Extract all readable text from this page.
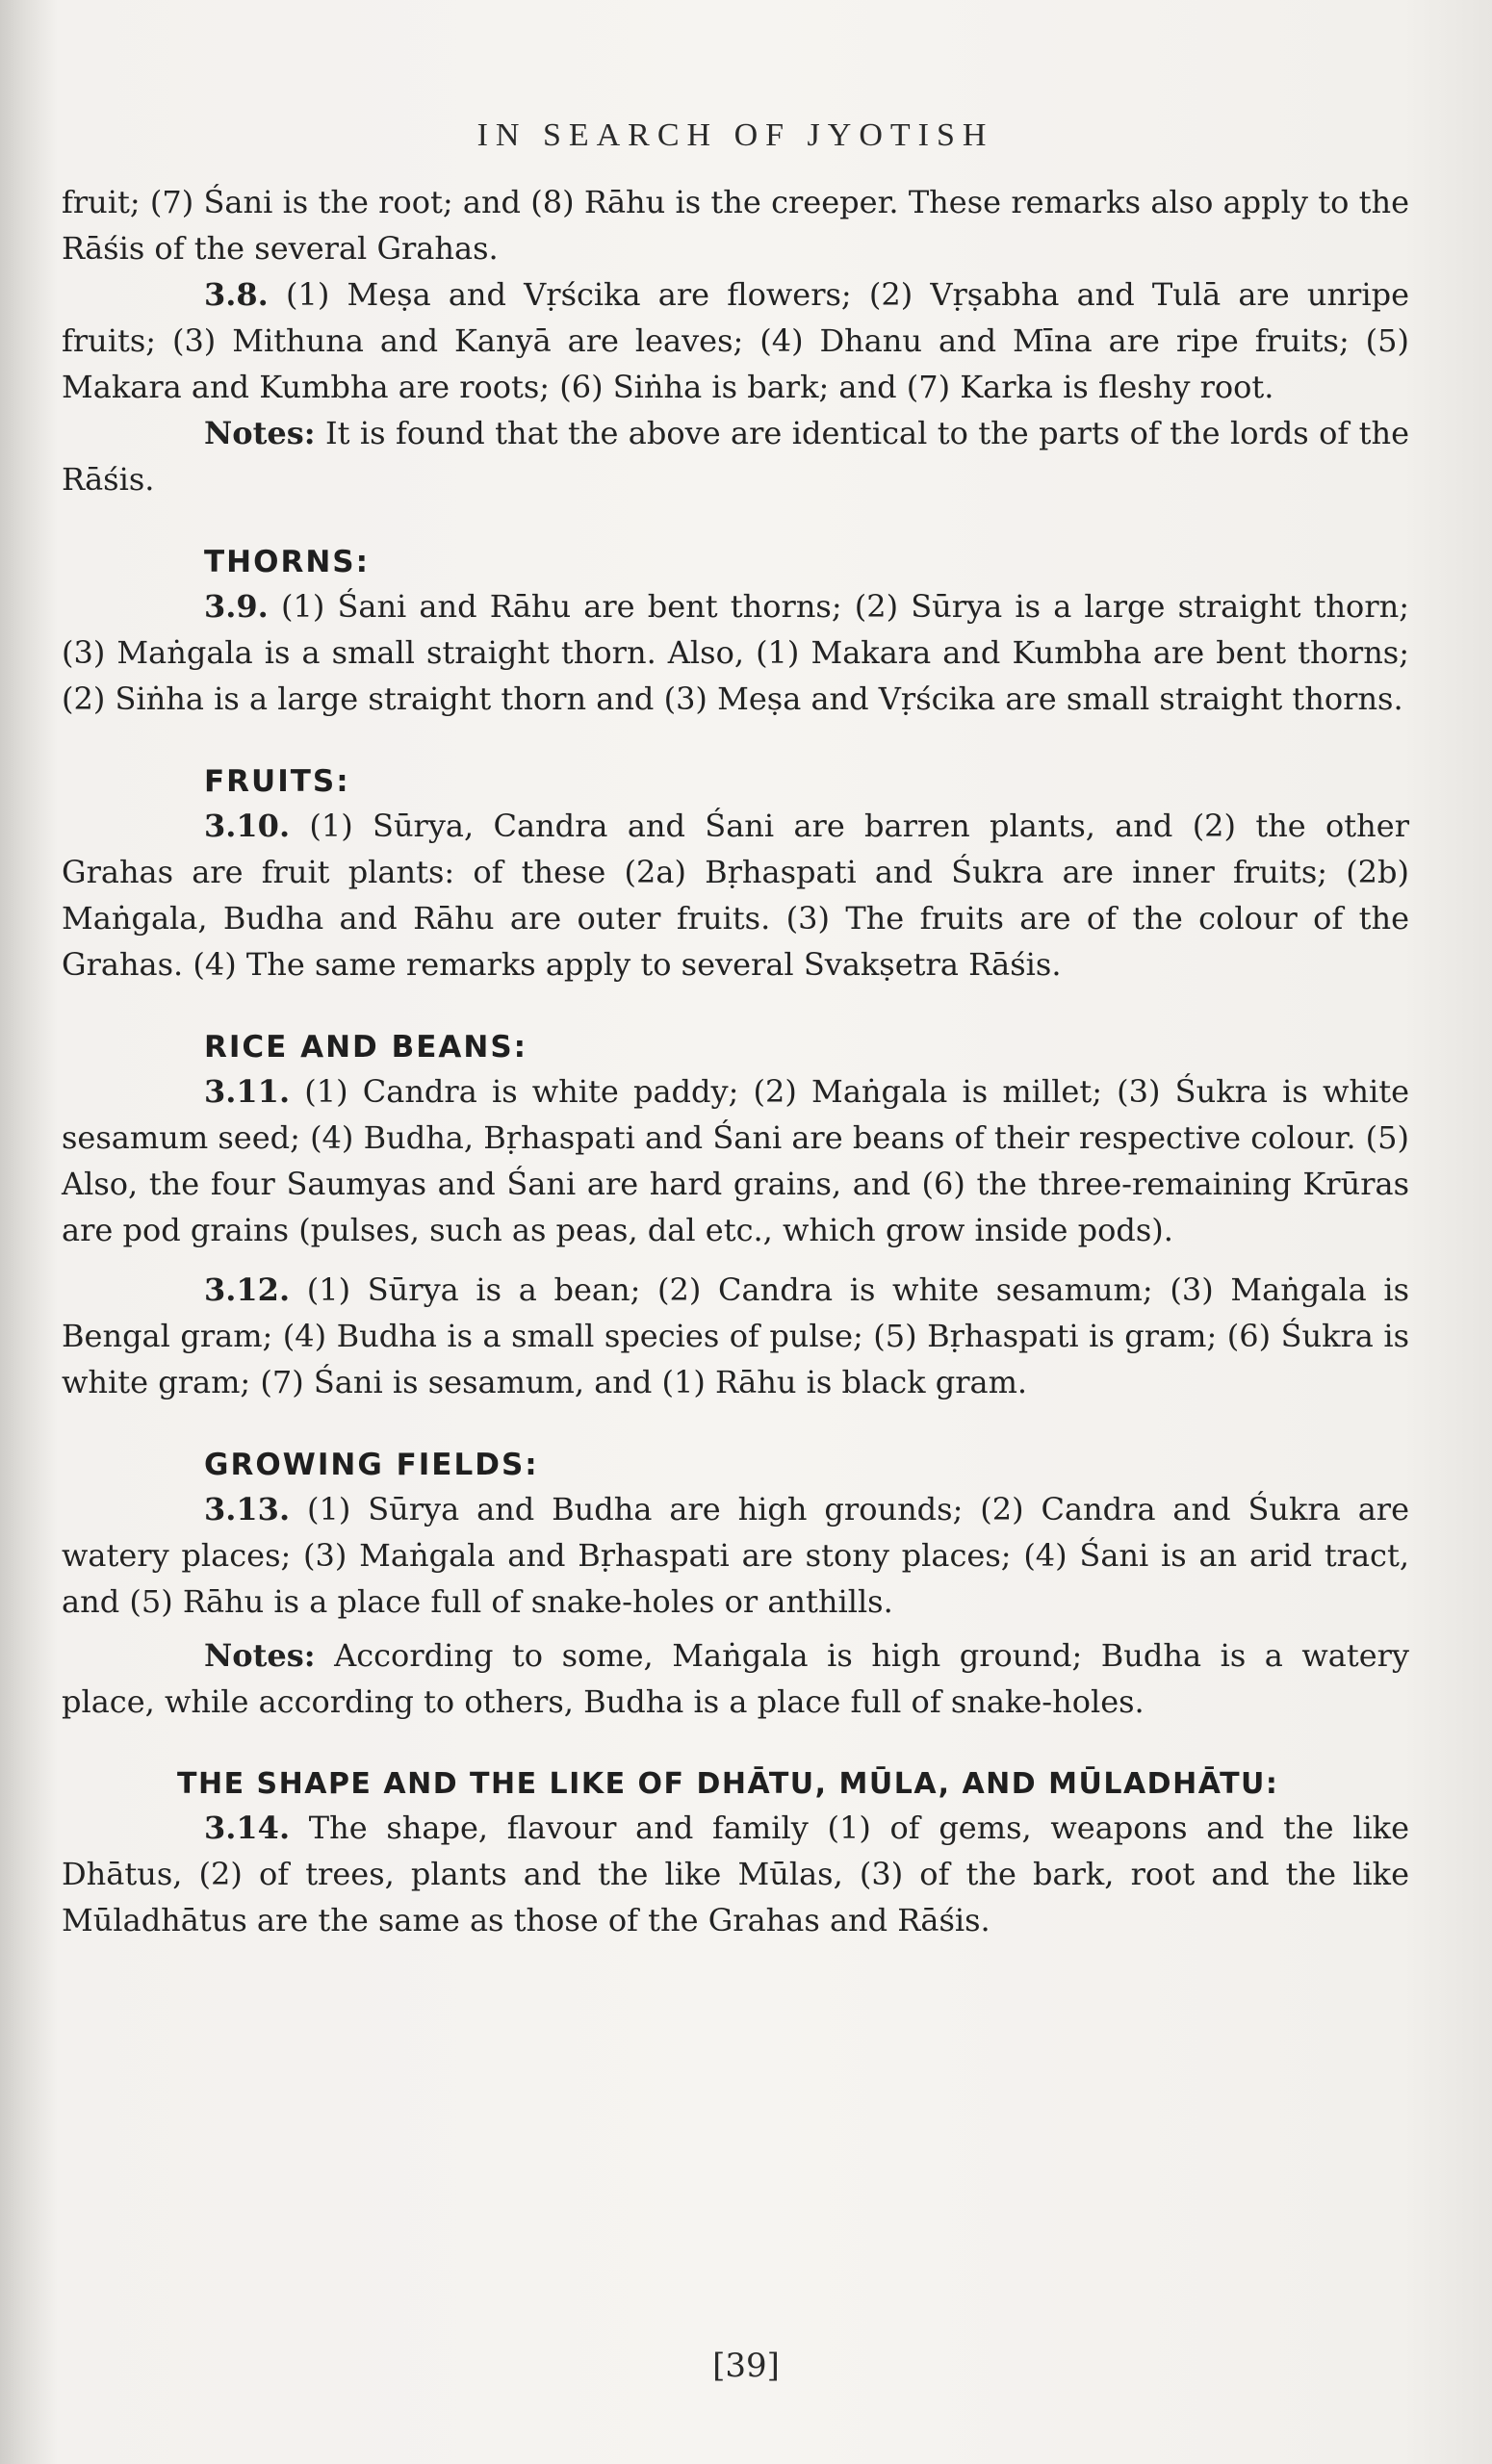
IN SEARCH OF JYOTISH

fruit; (7) Śani is the root; and (8) Rāhu is the creeper. These remarks also apply to the Rāśis of the several Grahas.

3.8. (1) Meṣa and Vṛścika are flowers; (2) Vṛṣabha and Tulā are unripe fruits; (3) Mithuna and Kanyā are leaves; (4) Dhanu and Mīna are ripe fruits; (5) Makara and Kumbha are roots; (6) Siṅha is bark; and (7) Karka is fleshy root.

Notes: It is found that the above are identical to the parts of the lords of the Rāśis.

THORNS:

3.9. (1) Śani and Rāhu are bent thorns; (2) Sūrya is a large straight thorn; (3) Maṅgala is a small straight thorn. Also, (1) Makara and Kumbha are bent thorns; (2) Siṅha is a large straight thorn and (3) Meṣa and Vṛścika are small straight thorns.

FRUITS:

3.10. (1) Sūrya, Candra and Śani are barren plants, and (2) the other Grahas are fruit plants: of these (2a) Bṛhaspati and Śukra are inner fruits; (2b) Maṅgala, Budha and Rāhu are outer fruits. (3) The fruits are of the colour of the Grahas. (4) The same remarks apply to several Svakṣetra Rāśis.

RICE AND BEANS:

3.11. (1) Candra is white paddy; (2) Maṅgala is millet; (3) Śukra is white sesamum seed; (4) Budha, Bṛhaspati and Śani are beans of their respective colour. (5) Also, the four Saumyas and Śani are hard grains, and (6) the three-remaining Krūras are pod grains (pulses, such as peas, dal etc., which grow inside pods).

3.12. (1) Sūrya is a bean; (2) Candra is white sesamum; (3) Maṅgala is Bengal gram; (4) Budha is a small species of pulse; (5) Bṛhaspati is gram; (6) Śukra is white gram; (7) Śani is sesamum, and (1) Rāhu is black gram.

GROWING FIELDS:

3.13. (1) Sūrya and Budha are high grounds; (2) Candra and Śukra are watery places; (3) Maṅgala and Bṛhaspati are stony places; (4) Śani is an arid tract, and (5) Rāhu is a place full of snake-holes or anthills.

Notes: According to some, Maṅgala is high ground; Budha is a watery place, while according to others, Budha is a place full of snake-holes.

THE SHAPE AND THE LIKE OF DHĀTU, MŪLA, AND MŪLADHĀTU:

3.14. The shape, flavour and family (1) of gems, weapons and the like Dhātus, (2) of trees, plants and the like Mūlas, (3) of the bark, root and the like Mūladhātus are the same as those of the Grahas and Rāśis.

[39]
